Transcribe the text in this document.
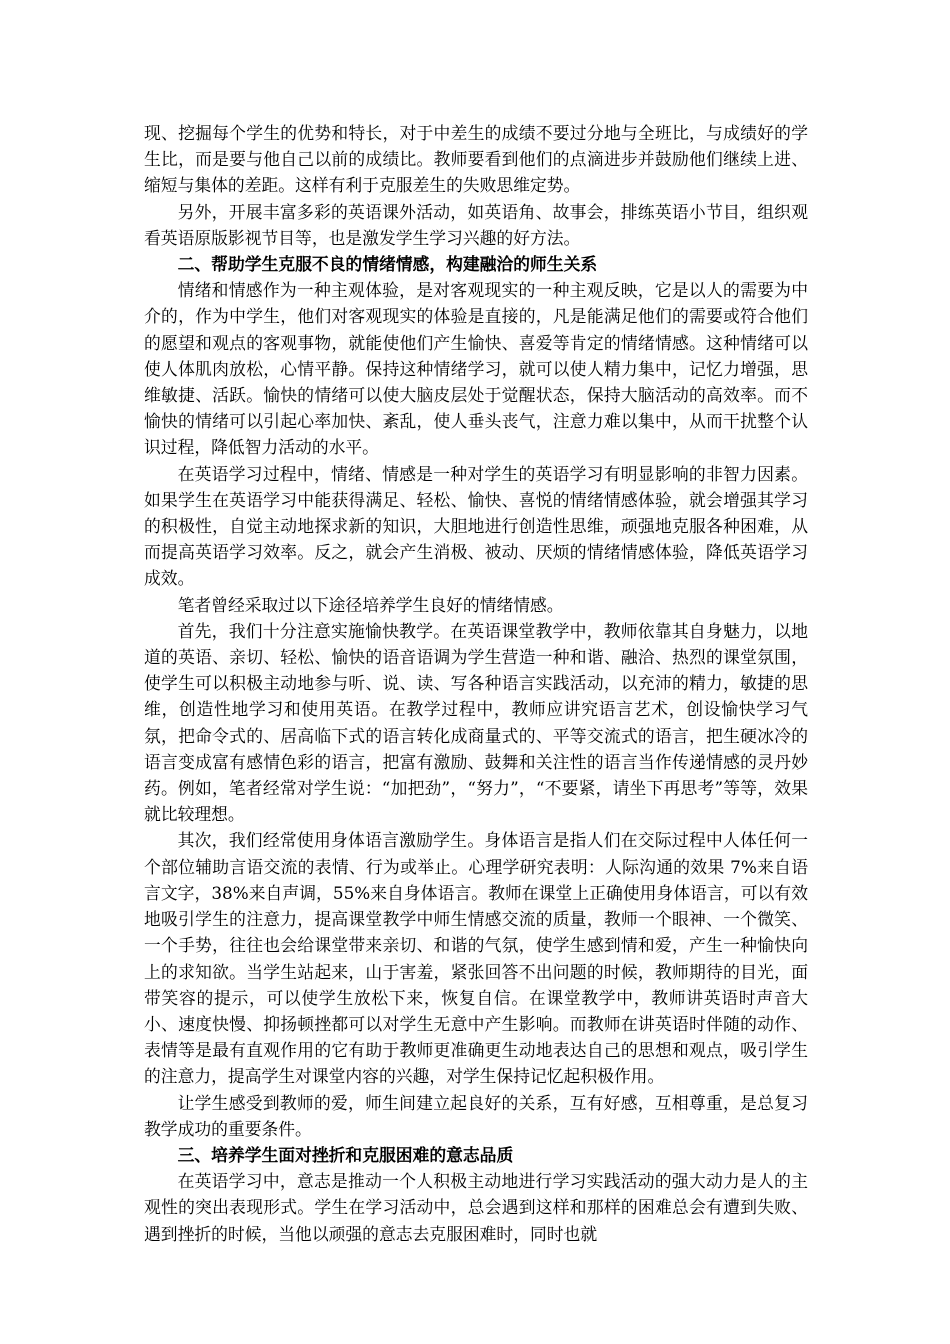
现、挖掘每个学生的优势和特长，对于中差生的成绩不要过分地与全班比，与成绩好的学生比，而是要与他自己以前的成绩比。教师要看到他们的点滴进步并鼓励他们继续上进、缩短与集体的差距。这样有利于克服差生的失败思维定势。

另外，开展丰富多彩的英语课外活动，如英语角、故事会，排练英语小节目，组织观看英语原版影视节目等，也是激发学生学习兴趣的好方法。

二、帮助学生克服不良的情绪情感，构建融洽的师生关系

情绪和情感作为一种主观体验，是对客观现实的一种主观反映，它是以人的需要为中介的，作为中学生，他们对客观现实的体验是直接的，凡是能满足他们的需要或符合他们的愿望和观点的客观事物，就能使他们产生愉快、喜爱等肯定的情绪情感。这种情绪可以使人体肌肉放松，心情平静。保持这种情绪学习，就可以使人精力集中，记忆力增强，思维敏捷、活跃。愉快的情绪可以使大脑皮层处于觉醒状态，保持大脑活动的高效率。而不愉快的情绪可以引起心率加快、紊乱，使人垂头丧气，注意力难以集中，从而干扰整个认识过程，降低智力活动的水平。

在英语学习过程中，情绪、情感是一种对学生的英语学习有明显影响的非智力因素。如果学生在英语学习中能获得满足、轻松、愉快、喜悦的情绪情感体验，就会增强其学习的积极性，自觉主动地探求新的知识，大胆地进行创造性思维，顽强地克服各种困难，从而提高英语学习效率。反之，就会产生消极、被动、厌烦的情绪情感体验，降低英语学习成效。

笔者曾经采取过以下途径培养学生良好的情绪情感。

首先，我们十分注意实施愉快教学。在英语课堂教学中，教师依靠其自身魅力，以地道的英语、亲切、轻松、愉快的语音语调为学生营造一种和谐、融洽、热烈的课堂氛围，使学生可以积极主动地参与听、说、读、写各种语言实践活动，以充沛的精力，敏捷的思维，创造性地学习和使用英语。在教学过程中，教师应讲究语言艺术，创设愉快学习气氛，把命令式的、居高临下式的语言转化成商量式的、平等交流式的语言，把生硬冰冷的语言变成富有感情色彩的语言，把富有激励、鼓舞和关注性的语言当作传递情感的灵丹妙药。例如，笔者经常对学生说：“加把劲”，“努力”，“不要紧，请坐下再思考”等等，效果就比较理想。

其次，我们经常使用身体语言激励学生。身体语言是指人们在交际过程中人体任何一个部位辅助言语交流的表情、行为或举止。心理学研究表明：人际沟通的效果 7%来自语言文字，38%来自声调，55%来自身体语言。教师在课堂上正确使用身体语言，可以有效地吸引学生的注意力，提高课堂教学中师生情感交流的质量，教师一个眼神、一个微笑、一个手势，往往也会给课堂带来亲切、和谐的气氛，使学生感到情和爱，产生一种愉快向上的求知欲。当学生站起来，山于害羞，紧张回答不出问题的时候，教师期待的目光，面带笑容的提示，可以使学生放松下来，恢复自信。在课堂教学中，教师讲英语时声音大小、速度快慢、抑扬顿挫都可以对学生无意中产生影响。而教师在讲英语时伴随的动作、表情等是最有直观作用的它有助于教师更准确更生动地表达自己的思想和观点，吸引学生的注意力，提高学生对课堂内容的兴趣，对学生保持记忆起积极作用。

让学生感受到教师的爱，师生间建立起良好的关系，互有好感，互相尊重，是总复习教学成功的重要条件。

三、培养学生面对挫折和克服困难的意志品质

在英语学习中，意志是推动一个人积极主动地进行学习实践活动的强大动力是人的主观性的突出表现形式。学生在学习活动中，总会遇到这样和那样的困难总会有遭到失败、遇到挫折的时候，当他以顽强的意志去克服困难时，同时也就
